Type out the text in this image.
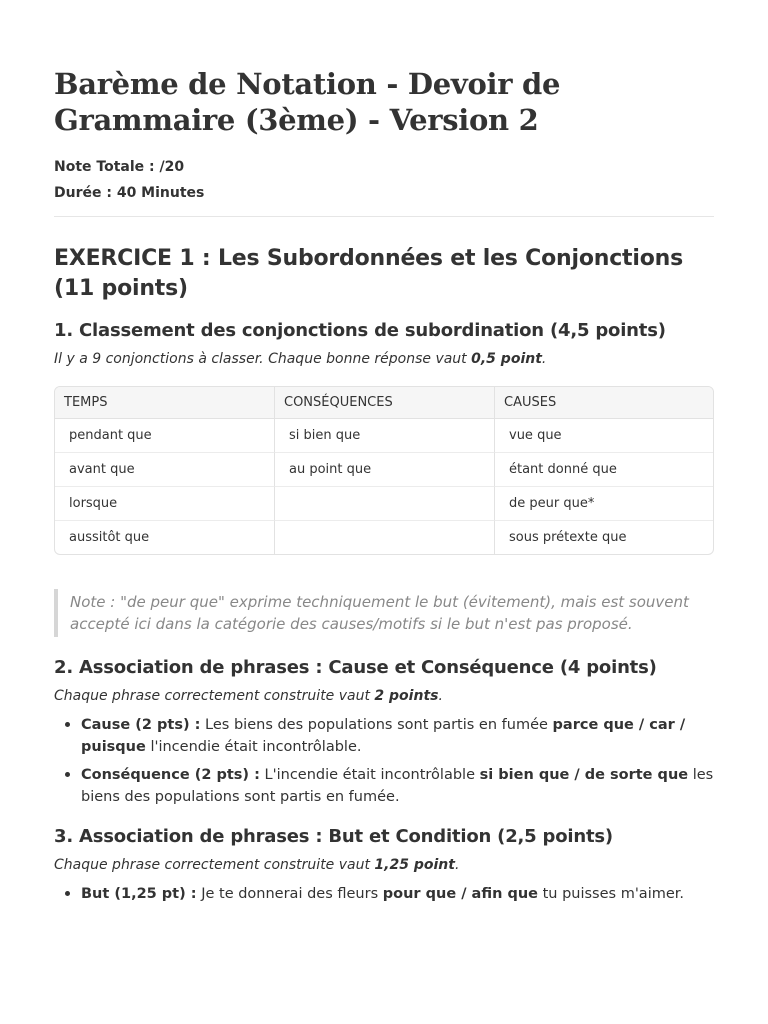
Barème de Notation - Devoir de Grammaire (3ème) - Version 2
Note Totale : /20
Durée : 40 Minutes
EXERCICE 1 : Les Subordonnées et les Conjonctions (11 points)
1. Classement des conjonctions de subordination (4,5 points)

Il y a 9 conjonctions à classer. Chaque bonne réponse vaut 0,5 point.

TEMPS	CONSÉQUENCES	CAUSES
pendant que	si bien que	vue que
avant que	au point que	étant donné que
lorsque		de peur que*
aussitôt que		sous prétexte que
Note : "de peur que" exprime techniquement le but (évitement), mais est souvent accepté ici dans la catégorie des causes/motifs si le but n'est pas proposé.
2. Association de phrases : Cause et Conséquence (4 points)

Chaque phrase correctement construite vaut 2 points.

Cause (2 pts) : Les biens des populations sont partis en fumée parce que / car / puisque l'incendie était incontrôlable.
Conséquence (2 pts) : L'incendie était incontrôlable si bien que / de sorte que les biens des populations sont partis en fumée.
3. Association de phrases : But et Condition (2,5 points)

Chaque phrase correctement construite vaut 1,25 point.

But (1,25 pt) : Je te donnerai des fleurs pour que / afin que tu puisses m'aimer.
